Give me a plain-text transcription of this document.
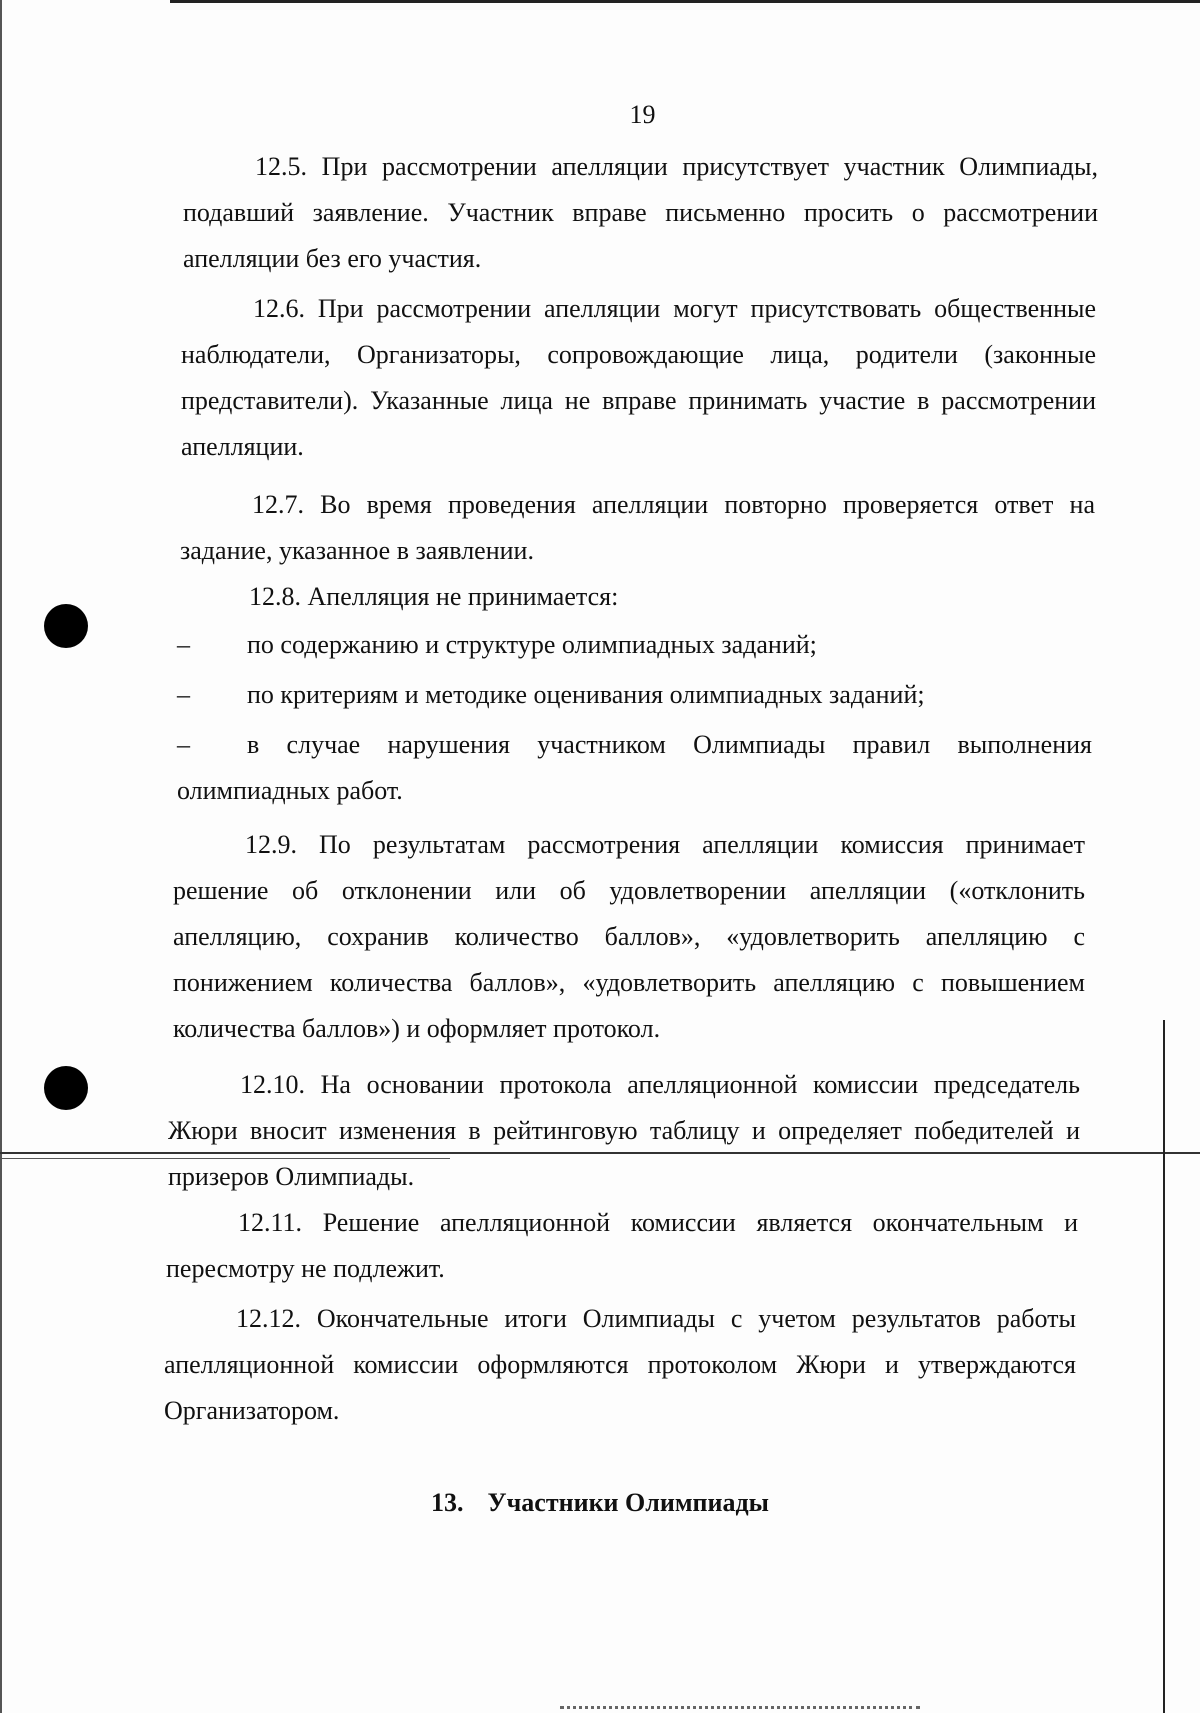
19

12.5. При рассмотрении апелляции присутствует участник Олимпиады, подавший заявление. Участник вправе письменно просить о рассмотрении апелляции без его участия.

12.6. При рассмотрении апелляции могут присутствовать общественные наблюдатели, Организаторы, сопровождающие лица, родители (законные представители). Указанные лица не вправе принимать участие в рассмотрении апелляции.

12.7. Во время проведения апелляции повторно проверяется ответ на задание, указанное в заявлении.

12.8. Апелляция не принимается:

– по содержанию и структуре олимпиадных заданий;

– по критериям и методике оценивания олимпиадных заданий;

– в случае нарушения участником Олимпиады правил выполнения олимпиадных работ.

12.9. По результатам рассмотрения апелляции комиссия принимает решение об отклонении или об удовлетворении апелляции («отклонить апелляцию, сохранив количество баллов», «удовлетворить апелляцию с понижением количества баллов», «удовлетворить апелляцию с повышением количества баллов») и оформляет протокол.

12.10. На основании протокола апелляционной комиссии председатель Жюри вносит изменения в рейтинговую таблицу и определяет победителей и призеров Олимпиады.

12.11. Решение апелляционной комиссии является окончательным и пересмотру не подлежит.

12.12. Окончательные итоги Олимпиады с учетом результатов работы апелляционной комиссии оформляются протоколом Жюри и утверждаются Организатором.

13. Участники Олимпиады
